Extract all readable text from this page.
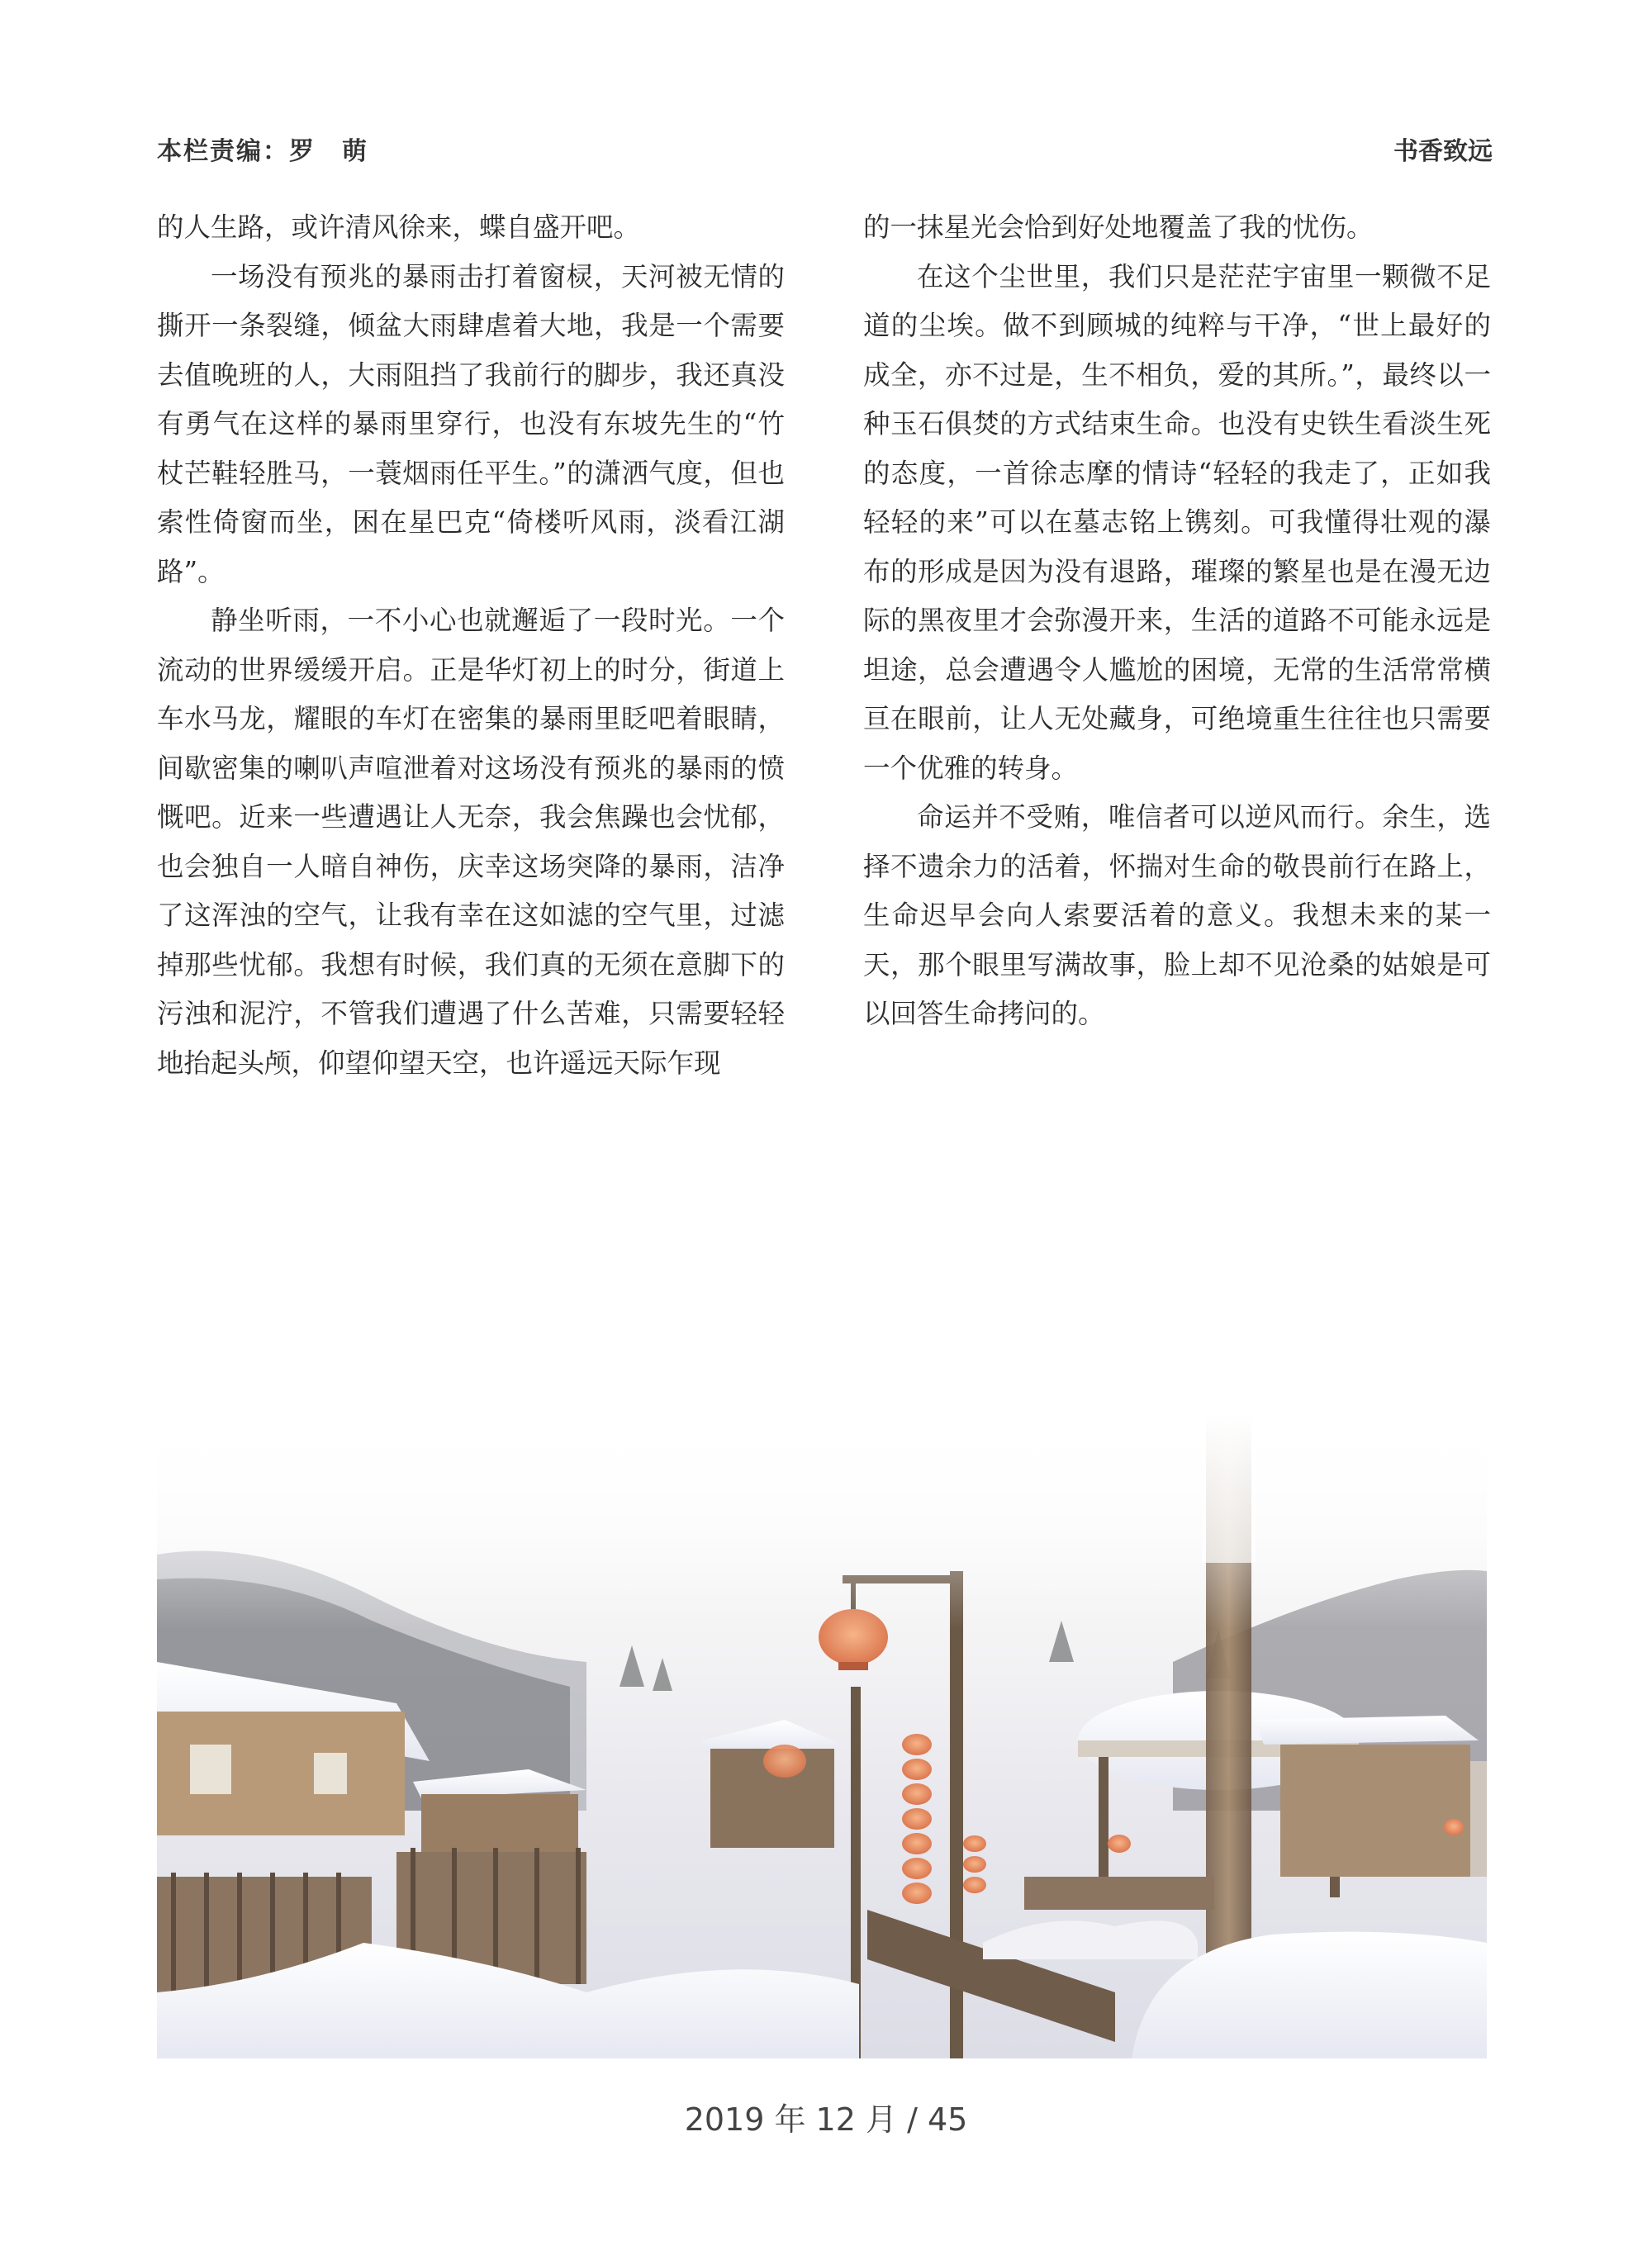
本栏责编：罗　萌	书香致远

的人生路，或许清风徐来，蝶自盛开吧。

一场没有预兆的暴雨击打着窗棂，天河被无情的撕开一条裂缝，倾盆大雨肆虐着大地，我是一个需要去值晚班的人，大雨阻挡了我前行的脚步，我还真没有勇气在这样的暴雨里穿行，也没有东坡先生的“竹杖芒鞋轻胜马，一蓑烟雨任平生。”的潇洒气度，但也索性倚窗而坐，困在星巴克“倚楼听风雨，淡看江湖路”。

静坐听雨，一不小心也就邂逅了一段时光。一个流动的世界缓缓开启。正是华灯初上的时分，街道上车水马龙，耀眼的车灯在密集的暴雨里眨吧着眼睛，间歇密集的喇叭声喧泄着对这场没有预兆的暴雨的愤慨吧。近来一些遭遇让人无奈，我会焦躁也会忧郁，也会独自一人暗自神伤，庆幸这场突降的暴雨，洁净了这浑浊的空气，让我有幸在这如滤的空气里，过滤掉那些忧郁。我想有时候，我们真的无须在意脚下的污浊和泥泞，不管我们遭遇了什么苦难，只需要轻轻地抬起头颅，仰望仰望天空，也许遥远天际乍现

的一抹星光会恰到好处地覆盖了我的忧伤。

在这个尘世里，我们只是茫茫宇宙里一颗微不足道的尘埃。做不到顾城的纯粹与干净，“世上最好的成全，亦不过是，生不相负，爱的其所。”，最终以一种玉石俱焚的方式结束生命。也没有史铁生看淡生死的态度，一首徐志摩的情诗“轻轻的我走了，正如我轻轻的来”可以在墓志铭上镌刻。可我懂得壮观的瀑布的形成是因为没有退路，璀璨的繁星也是在漫无边际的黑夜里才会弥漫开来，生活的道路不可能永远是坦途，总会遭遇令人尴尬的困境，无常的生活常常横亘在眼前，让人无处藏身，可绝境重生往往也只需要一个优雅的转身。

命运并不受贿，唯信者可以逆风而行。余生，选择不遗余力的活着，怀揣对生命的敬畏前行在路上，生命迟早会向人索要活着的意义。我想未来的某一天，那个眼里写满故事，脸上却不见沧桑的姑娘是可以回答生命拷问的。

2019 年 12 月 / 45
